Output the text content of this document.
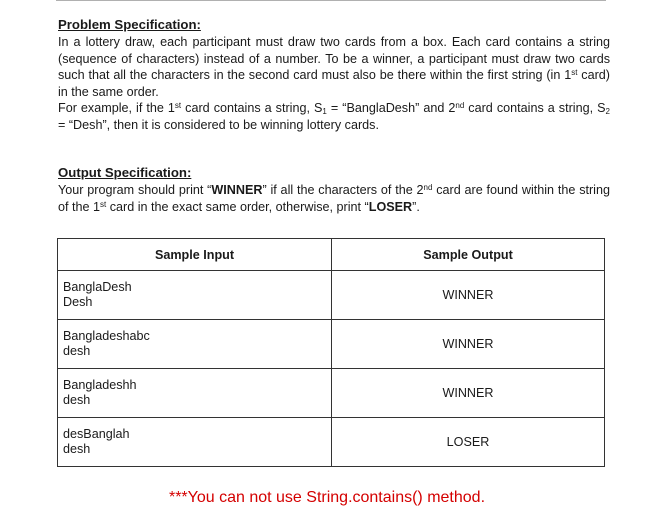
Problem Specification:
In a lottery draw, each participant must draw two cards from a box. Each card contains a string (sequence of characters) instead of a number. To be a winner, a participant must draw two cards such that all the characters in the second card must also be there within the first string (in 1st card) in the same order.
For example, if the 1st card contains a string, $S_1$ = “BanglaDesh” and 2nd card contains a string, $S_2$ = “Desh”, then it is considered to be winning lottery cards.
Output Specification:
Your program should print “WINNER” if all the characters of the 2nd card are found within the string of the 1st card in the exact same order, otherwise, print “LOSER”.
Sample Input	Sample Output

BanglaDesh
Desh	WINNER

Bangladeshabc
desh	WINNER

Bangladeshh
desh	WINNER

desBanglah
desh	LOSER
***You can not use String.contains() method.
